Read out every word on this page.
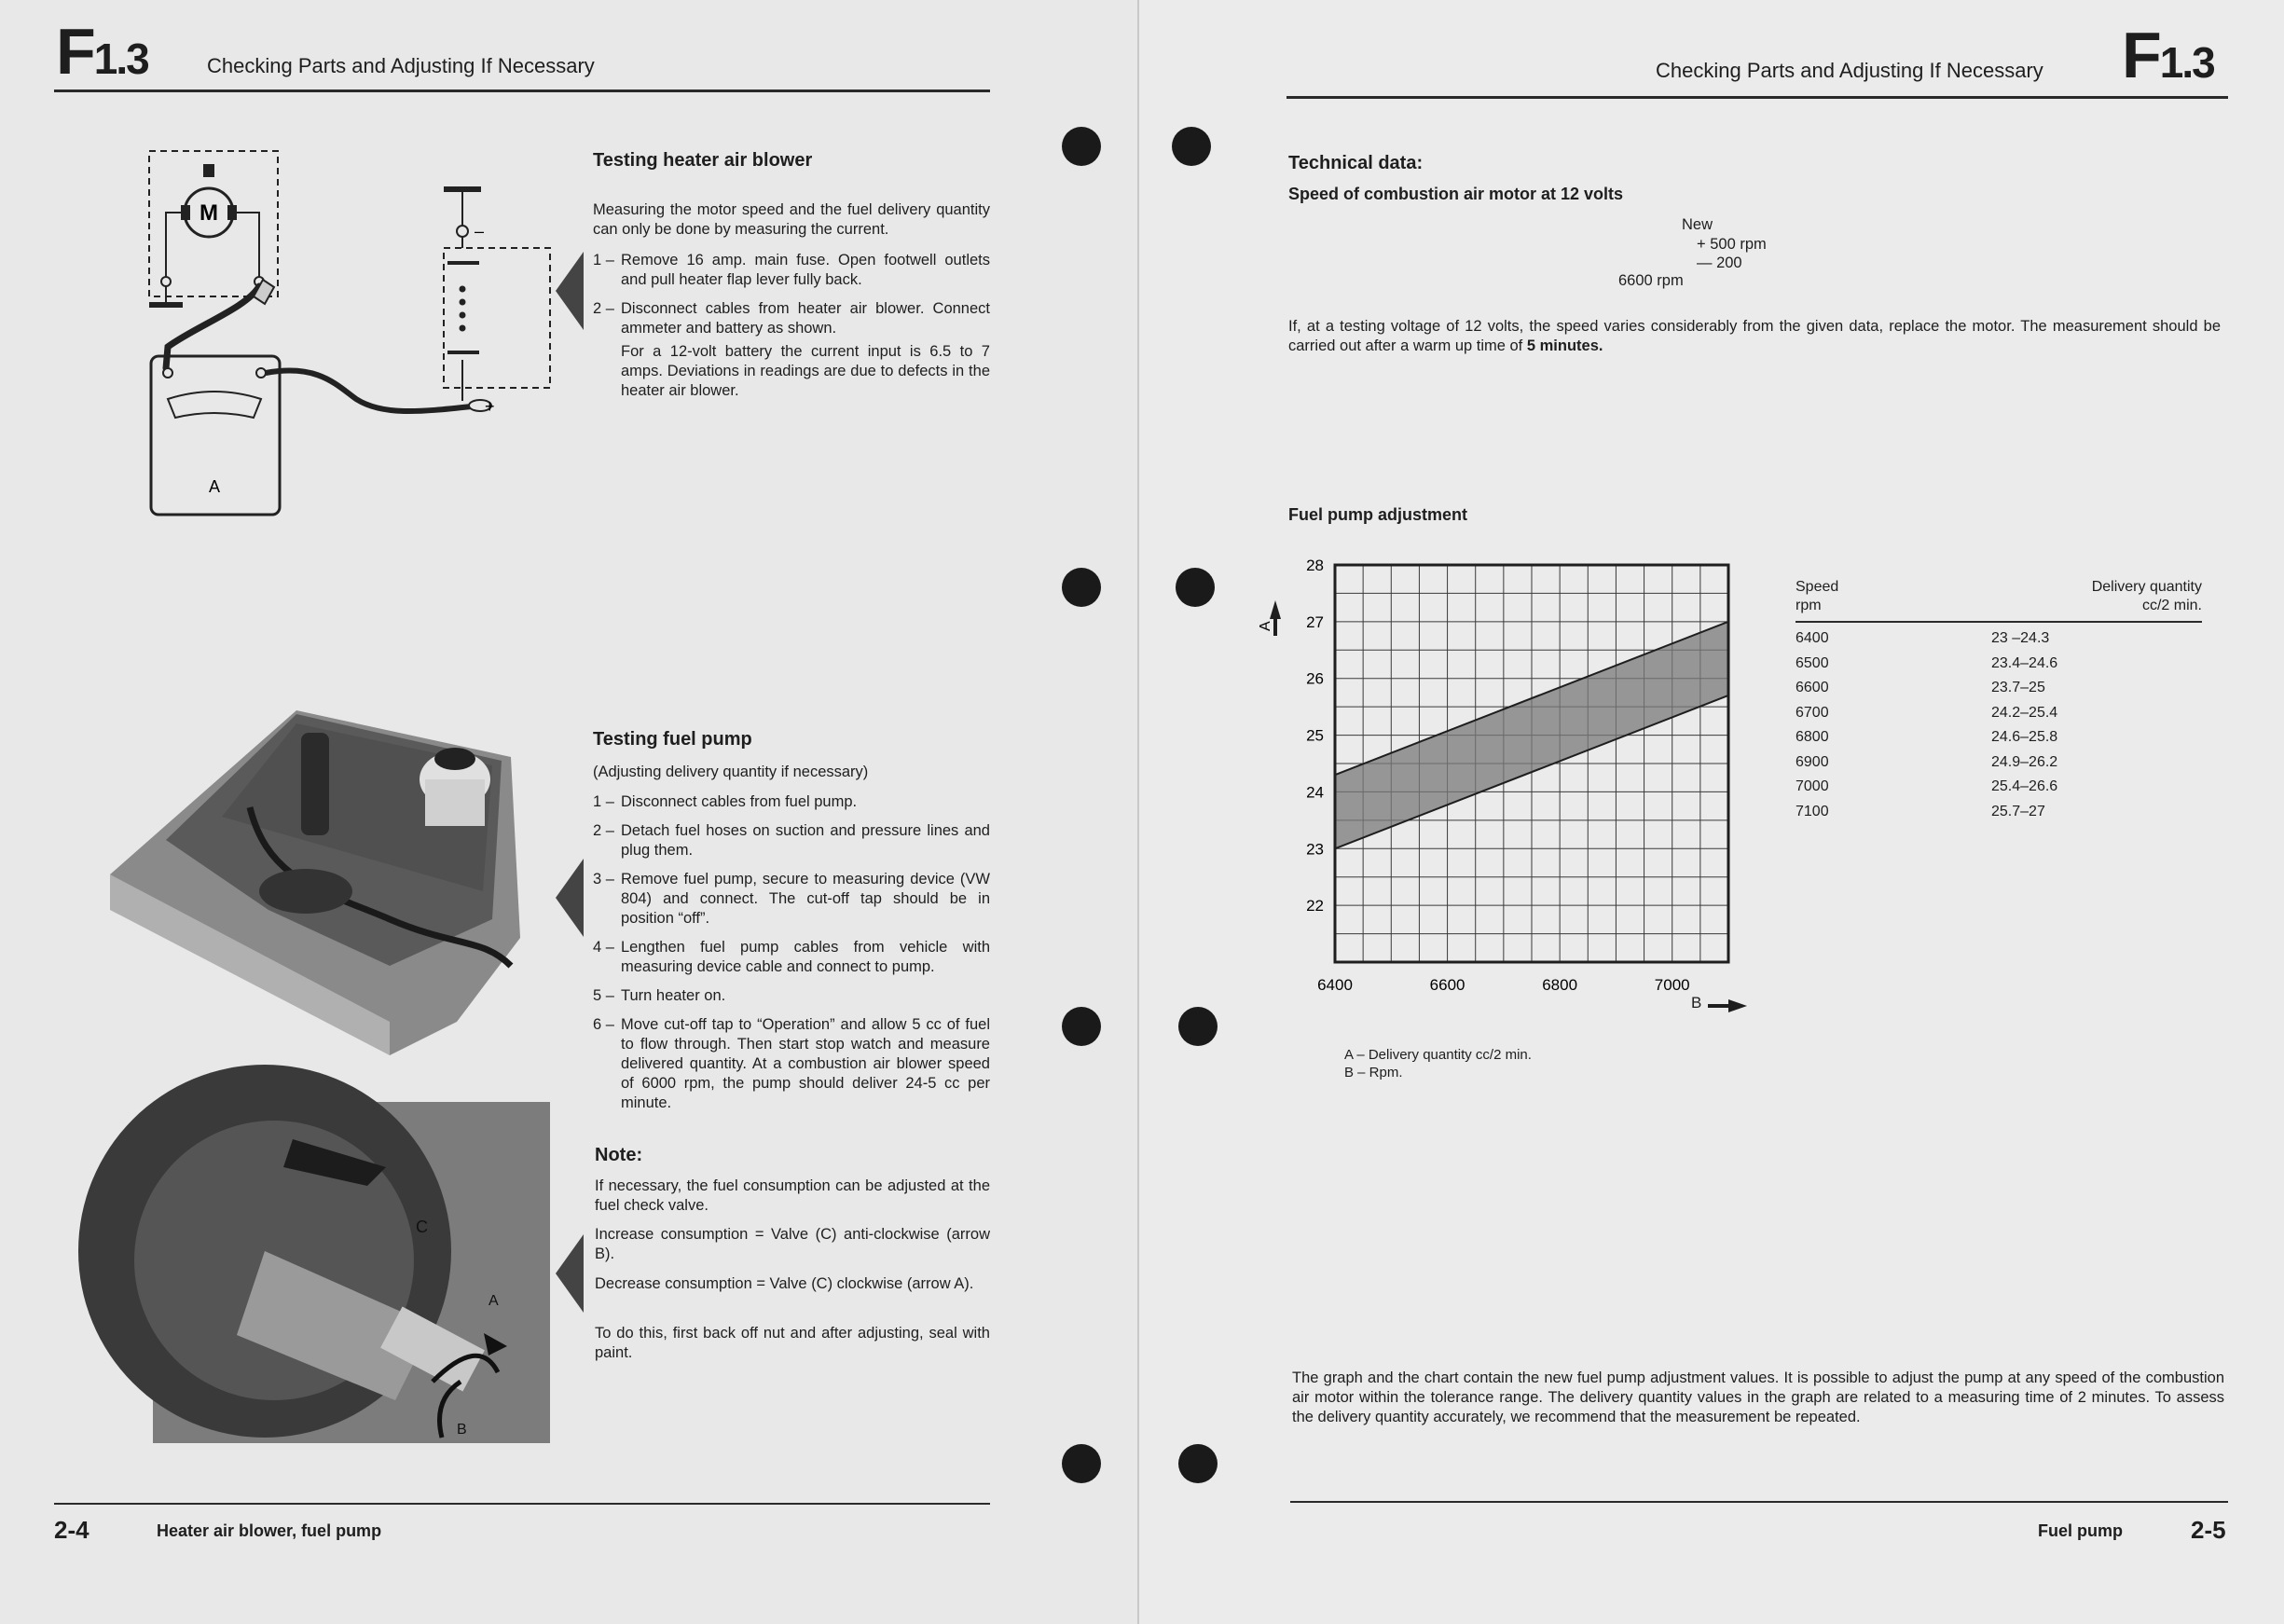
F1.3	Checking Parts and Adjusting If Necessary
M
A
–
+
Testing heater air blower
Measuring the motor speed and the fuel delivery quantity can only be done by measuring the current.
1 – Remove 16 amp. main fuse. Open footwell outlets and pull heater flap lever fully back.
2 – Disconnect cables from heater air blower. Connect ammeter and battery as shown.
For a 12-volt battery the current input is 6.5 to 7 amps. Deviations in readings are due to defects in the heater air blower.
Testing fuel pump
(Adjusting delivery quantity if necessary)
1 – Disconnect cables from fuel pump.
2 – Detach fuel hoses on suction and pressure lines and plug them.
3 – Remove fuel pump, secure to measuring device (VW 804) and connect. The cut-off tap should be in position “off”.
4 – Lengthen fuel pump cables from vehicle with measuring device cable and connect to pump.
5 – Turn heater on.
6 – Move cut-off tap to “Operation” and allow 5 cc of fuel to flow through. Then start stop watch and measure delivered quantity. At a combustion air blower speed of 6000 rpm, the pump should deliver 24-5 cc per minute.
C
A
B
Note:
If necessary, the fuel consumption can be adjusted at the fuel check valve.
Increase consumption = Valve (C) anti-clockwise (arrow B).
Decrease consumption = Valve (C) clockwise (arrow A).
To do this, first back off nut and after adjusting, seal with paint.
2-4	Heater air blower, fuel pump
Checking Parts and Adjusting If Necessary F1.3
Technical data:
Speed of combustion air motor at 12 volts
New
+ 500 rpm
— 200
6600 rpm
If, at a testing voltage of 12 volts, the speed varies considerably from the given data, replace the motor. The measurement should be carried out after a warm up time of 5 minutes.
Fuel pump adjustment
22
23
24
25
26
27
28
6400	6600	6800	7000
A
B
Speed
rpm
Delivery quantity
cc/2 min.
6400	23 –24.3
6500	23.4–24.6
6600	23.7–25
6700	24.2–25.4
6800	24.6–25.8
6900	24.9–26.2
7000	25.4–26.6
7100	25.7–27
A – Delivery quantity cc/2 min.
B – Rpm.
The graph and the chart contain the new fuel pump adjustment values. It is possible to adjust the pump at any speed of the combustion air motor within the tolerance range. The delivery quantity values in the graph are related to a measuring time of 2 minutes. To assess the delivery quantity accurately, we recommend that the measurement be repeated.
Fuel pump	2-5
